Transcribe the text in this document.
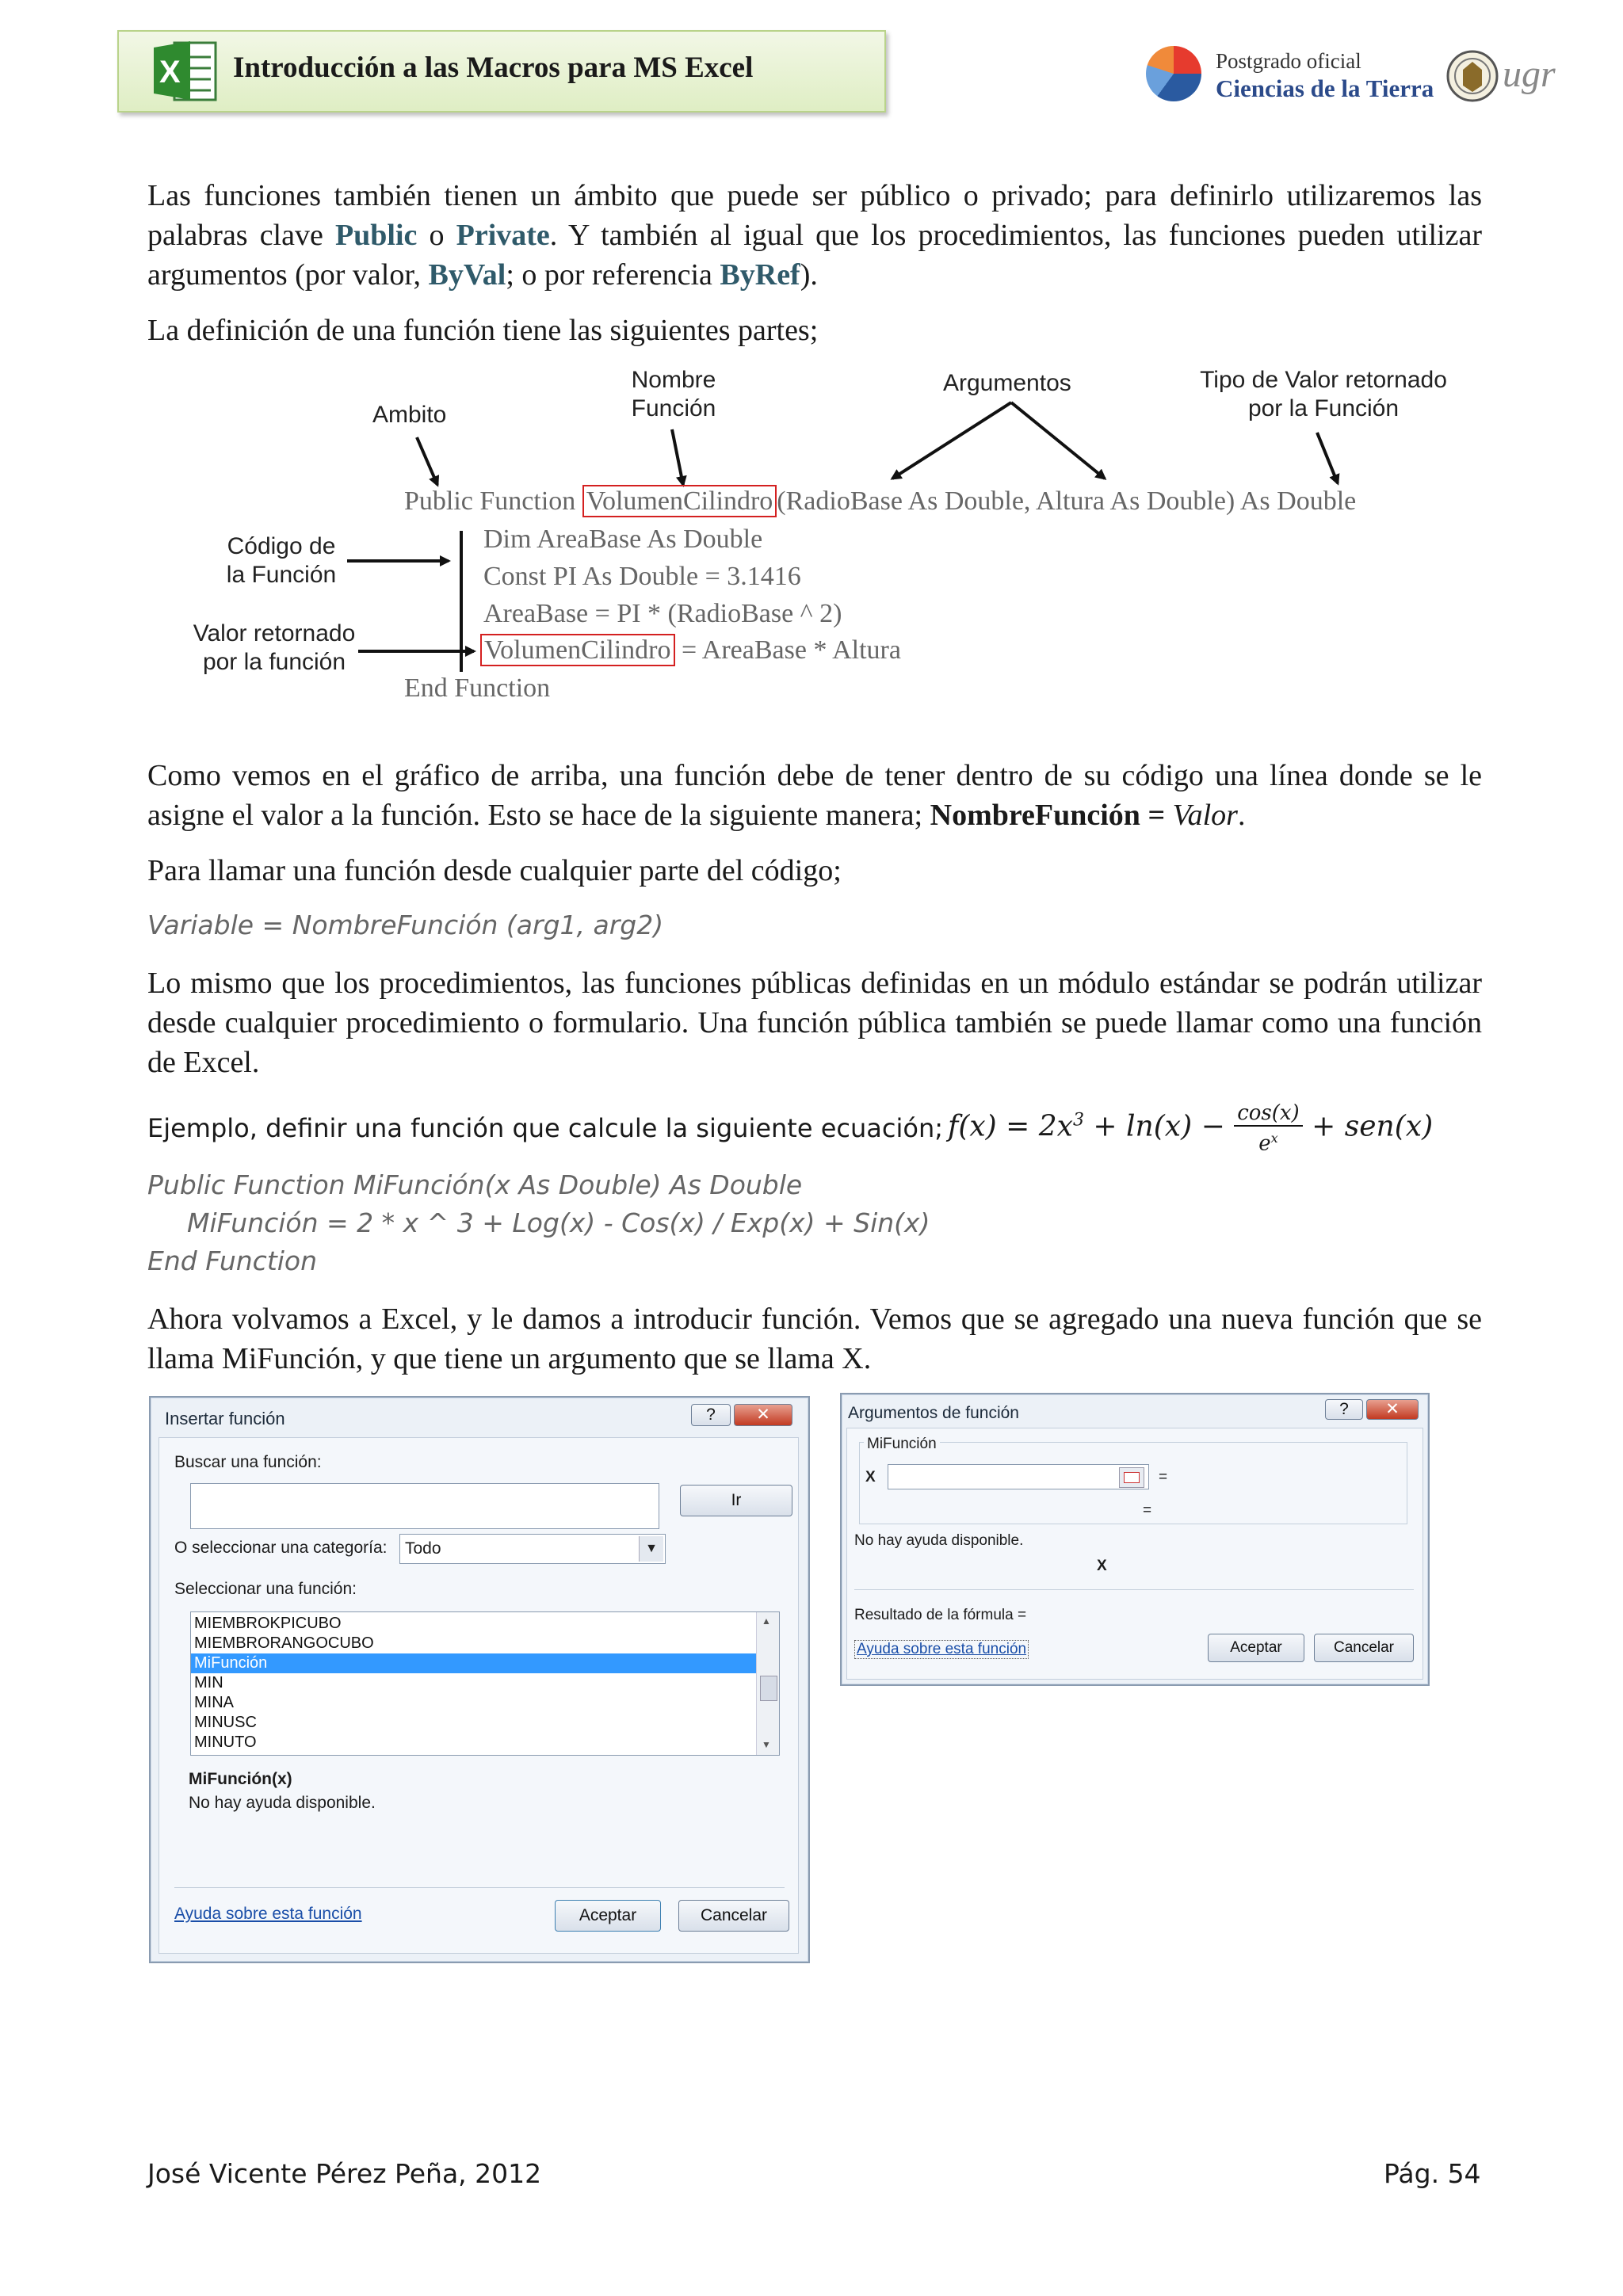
X Introducción a las Macros para MS Excel	Postgrado oficial
Ciencias de la Tierra ugr
Las funciones también tienen un ámbito que puede ser público o privado; para definirlo utilizaremos las palabras clave Public o Private. Y también al igual que los procedimientos, las funciones pueden utilizar argumentos (por valor, ByVal; o por referencia ByRef).
La definición de una función tiene las siguientes partes;
Ambito
Nombre
Función
Argumentos	Tipo de Valor retornado
por la Función
Código de
la Función
Valor retornado
por la función
Public Function VolumenCilindro (RadioBase As Double, Altura As Double) As Double
Dim AreaBase As Double
Const PI As Double = 3.1416
AreaBase = PI * (RadioBase ^ 2)
VolumenCilindro = AreaBase * Altura
End Function
Como vemos en el gráfico de arriba, una función debe de tener dentro de su código una línea donde se le asigne el valor a la función. Esto se hace de la siguiente manera; NombreFunción = Valor.
Para llamar una función desde cualquier parte del código;
Variable = NombreFunción (arg1, arg2)
Lo mismo que los procedimientos, las funciones públicas definidas en un módulo estándar se podrán utilizar desde cualquier procedimiento o formulario. Una función pública también se puede llamar como una función de Excel.
Ejemplo, definir una función que calcule la siguiente ecuación; $f(x) = 2x^3 + \ln(x) - \frac{\cos(x)}{e^x} + sen(x)$
Public Function MiFunción(x As Double) As Double
MiFunción = 2 * x ^ 3 + Log(x) - Cos(x) / Exp(x) + Sin(x)
End Function
Ahora volvamos a Excel, y le damos a introducir función. Vemos que se agregado una nueva función que se llama MiFunción, y que tiene un argumento que se llama X.
Insertar función	?	✕
Buscar una función:
Ir
O seleccionar una categoría: Todo	▼
Seleccionar una función:
MIEMBROKPICUBO
MIEMBRORANGOCUBO
MiFunción
MIN
MINA
MINUSC
MINUTO
▲
▼
MiFunción(x)
No hay ayuda disponible.
Ayuda sobre esta función	Aceptar	Cancelar
Argumentos de función	?	✕
MiFunción
X	=
=
No hay ayuda disponible.
X
Resultado de la fórmula =
Ayuda sobre esta función	Aceptar	Cancelar
José Vicente Pérez Peña, 2012	Pág. 54
